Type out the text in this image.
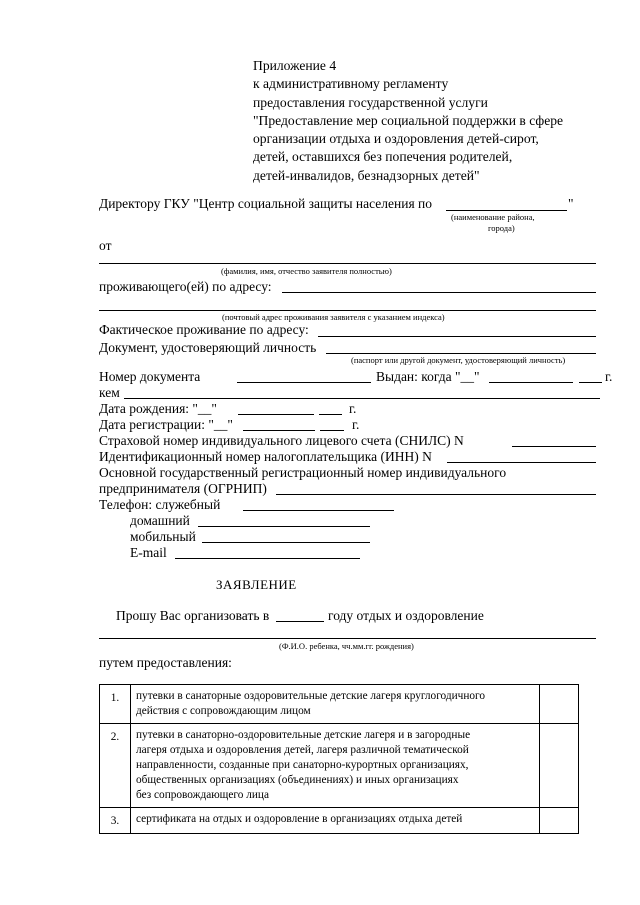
Приложение 4
к административному регламенту
предоставления государственной услуги
"Предоставление мер социальной поддержки в сфере
организации отдыха и оздоровления детей-сирот,
детей, оставшихся без попечения родителей,
детей-инвалидов, безнадзорных детей"
Директору ГКУ "Центр социальной защиты населения по	"
(наименование района,
города)
от
(фамилия, имя, отчество заявителя полностью)
проживающего(ей) по адресу:
(почтовый адрес проживания заявителя с указанием индекса)
Фактическое проживание по адресу:
Документ, удостоверяющий личность
(паспорт или другой документ, удостоверяющий личность)
Номер документа	Выдан: когда "__"	г.
кем
Дата рождения: "__"	г.
Дата регистрации: "__"	г.
Страховой номер индивидуального лицевого счета (СНИЛС) N
Идентификационный номер налогоплательщика (ИНН) N
Основной государственный регистрационный номер индивидуального
предпринимателя (ОГРНИП)
Телефон: служебный
домашний
мобильный
E-mail
ЗАЯВЛЕНИЕ
Прошу Вас организовать в	году отдых и оздоровление
(Ф.И.О. ребенка, чч.мм.гг. рождения)
путем предоставления:
1.	путевки в санаторные оздоровительные детские лагеря круглогодичного
действия с сопровождающим лицом	

2.	путевки в санаторно-оздоровительные детские лагеря и в загородные
лагеря отдыха и оздоровления детей, лагеря различной тематической
направленности, созданные при санаторно-курортных организациях,
общественных организациях (объединениях) и иных организациях
без сопровождающего лица	

3.	сертификата на отдых и оздоровление в организациях отдыха детей	
